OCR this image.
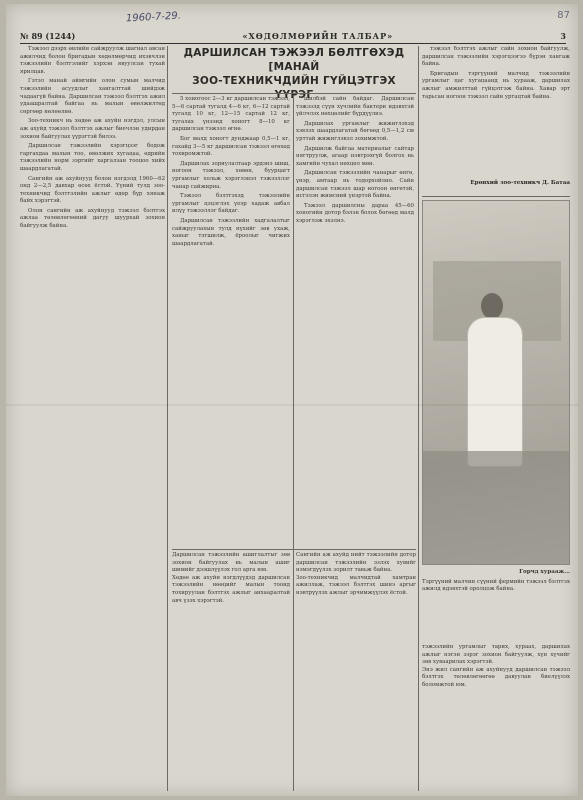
1960-7-29.	87
№ 89 (1244)	«ХӨДӨЛМӨРИЙН ТАЛБАР»	3
ДАРШИЛСАН ТЭЖЭЭЛ БӨЛТГӨХЭД [МАНАЙ
ЗОО-ТЕХНИКЧДИЙН ГҮЙЦЭТГЭХ
ҮҮРЭГ

Тэжээл дээрх өвлийн сайжруулж шагнал авсан ажилчид болон бригадын хөдөлмөрчид ихэвчлэн тэжээлийн бэлтгэлийг хэрхэн явуулсан тухай ярилцав.

Гэтэл манай аймгийн олон сумын малчид тэжээлийн асуудлыг хангалттай шийдэж чадаагүй байна. Даршилсан тэжээл бэлтгэх ажил удаашралтай байгаа нь малын өвөлжилтөд сөргөөр нөлөөлнө.

Зоо-техникч нь хөдөө аж ахуйн нэгдэл, улсын аж ахуйд тэжээл бэлтгэх ажлыг биечлэн удирдан зохион байгуулах үүрэгтэй билээ.

Даршилсан тэжээлийн хэрэгцээг бодож гаргахдаа малын тоо, өвөлжих хугацаа, өдрийн тэжээлийн норм зэргийг харгалзан тооцоо хийх шаардлагатай.

Сангийн аж ахуйнууд болон нэгдэлд 1960—62 онд 2—2,5 давхар өсөх ёстой. Үүний тулд зоо-техникчид бэлтгэлийн ажлыг өдөр бүр хянаж байх хэрэгтэй.

Олон сангийн аж ахуйнууд тэжээл бэлтгэх ажлаа төлөвлөгөөний дагуу шуурхай зохион байгуулж байна.

5 хоногоос 2—3 кг даршилсан тэжээл, 5—6 сартай тугалд 4—6 кг, 6—12 сартай тугалд 10 кг, 12—15 сартай 12 кг, тугалах үнээнд хоногт 8—10 кг даршилсан тэжээл өгнө.

Бог малд хоногт дунджаар 0,5—1 кг, гахайд 3—5 кг даршилсан тэжээл өгөхөд тохиромжтой.

Даршилах зориулалтаар эрдэнэ шиш, ногоон тэжээл, хөвөн, буурцагт ургамлыг хольж хэрэглэвэл тэжээллэг чанар сайжирна.

Тэжээл бэлтгэхэд тэжээлийн ургамлыг цэцэглэх үеэр хадаж авбал илүү тэжээллэг байдаг.

Даршилсан тэжээлийн хадгалалтыг сайжруулахын тулд нүхийг зөв ухаж, ханыг тэгшилж, ёроолыг чигжих шаардлагатай.

шилбэй сайн байдаг. Даршилсан тэжээлд сүүн хүчлийн бактери идэвхтэй үйлчлэх нөхцөлийг бүрдүүлнэ.

Даршилах ургамлыг жижиглэхэд хэвлэх шаардлагатай бөгөөд 0,5—1,2 см урттай жижиглэвэл зохимжтой.

Даршилж байгаа материалыг сайтар нягтруулж, агаар нэвтрэхгүй болгох нь хамгийн чухал нөхцөл мөн.

Даршилсан тэжээлийн чанарыг өнгө, үнэр, амтаар нь тодорхойлно. Сайн даршилсан тэжээл шар ногоон өнгөтэй, исгэлэн жимсний үнэртэй байна.

Тэжээл даршилсны дараа 45—60 хоногийн дотор бэлэн болох бөгөөд малд хэрэглэж эхэлнэ.

тэжээл бэлтгэх ажлыг сайн зохион байгуулж, даршилсан тэжээлийн хэрэгцээгээ бүрэн хангаж байна.

Бригадын тэргүүний малчид тэжээлийн ургамлыг цаг хугацаанд нь хурааж, даршилах ажлыг амжилттай гүйцэтгэж байна. Хавар эрт тарьсан ногоон тэжээл сайн ургацтай байна.

Ерөнхий зоо-техникч Д. Батаа
Горчд хурааж...
Тэргүүний малчин сүүний фермийн тэжээл бэлтгэх ажилд идэвхтэй оролцож байна.

Даршилсан тэжээлийн ашиглалтыг зөв зохион байгуулах нь малын ашиг шимийг дээшлүүлэх гол арга юм.

Хөдөө аж ахуйн нэгдлүүдэд даршилсан тэжээлийн нөөцийг малын тоонд тохируулан бэлтгэх ажлыг анхааралтай авч үзэх хэрэгтэй.

Сангийн аж ахуйд нийт тэжээлийн дотор даршилсан тэжээлийн эзлэх хувийг нэмэгдүүлэх зорилт тавьж байна.

Зоо-техникчид малчидтай хамтран ажиллаж, тэжээл бэлтгэх шинэ аргыг нэвтрүүлэх ажлыг эрчимжүүлэх ёстой.

тэжээлийн ургамлыг тарих, хураах, даршилах ажлыг нэгэн зэрэг зохион байгуулж, хүн хүчийг зөв хуваарилах хэрэгтэй.

Энэ жил сангийн аж ахуйнууд даршилсан тэжээл бэлтгэх төлөвлөгөөгөө давуулан биелүүлэх боломжтой юм.
